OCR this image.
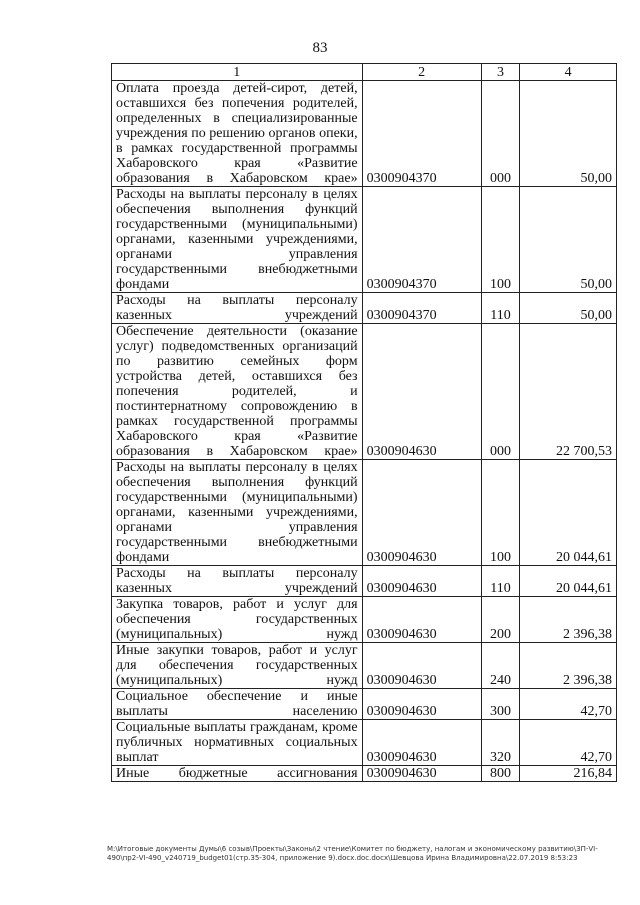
83
1	2	3	4

Оплата проезда детей-сирот, детей, оставшихся без попечения родителей, определенных в специализированные учреждения по решению органов опеки, в рамках государственной программы Хабаровского края «Развитие образования в Хабаровском крае»	0300904370	000	50,00

Расходы на выплаты персоналу в целях обеспечения выполнения функций государственными (муниципальными) органами, казенными учреждениями, органами управления государственными внебюджетными фондами	0300904370	100	50,00

Расходы на выплаты персоналу казенных учреждений	0300904370	110	50,00

Обеспечение деятельности (оказание услуг) подведомственных организаций по развитию семейных форм устройства детей, оставшихся без попечения родителей, и постинтернатному сопровождению в рамках государственной программы Хабаровского края «Развитие образования в Хабаровском крае»	0300904630	000	22 700,53

Расходы на выплаты персоналу в целях обеспечения выполнения функций государственными (муниципальными) органами, казенными учреждениями, органами управления государственными внебюджетными фондами	0300904630	100	20 044,61

Расходы на выплаты персоналу казенных учреждений	0300904630	110	20 044,61

Закупка товаров, работ и услуг для обеспечения государственных (муниципальных) нужд	0300904630	200	2 396,38

Иные закупки товаров, работ и услуг для обеспечения государственных (муниципальных) нужд	0300904630	240	2 396,38

Социальное обеспечение и иные выплаты населению	0300904630	300	42,70

Социальные выплаты гражданам, кроме публичных нормативных социальных выплат	0300904630	320	42,70

Иные бюджетные ассигнования	0300904630	800	216,84
М:\Итоговые документы Думы\6 созыв\Проекты\Законы\2 чтение\Комитет по бюджету, налогам и экономическому развитию\ЗП-VI-490\пр2-VI-490_v240719_budget01(стр.35-304, приложение 9).docx.doc.docx\Шевцова Ирина Владимировна\22.07.2019 8:53:23
